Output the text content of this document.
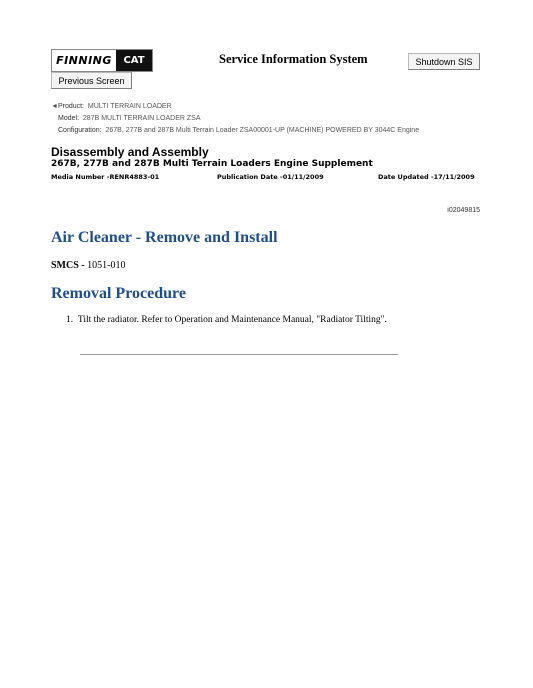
FINNING	CAT	Service Information System	Shutdown SIS
Previous Screen
◄Product: MULTI TERRAIN LOADER
Model: 287B MULTI TERRAIN LOADER ZSA
Configuration: 267B, 277B and 287B Multi Terrain Loader ZSA00001-UP (MACHINE) POWERED BY 3044C Engine
Disassembly and Assembly
267B, 277B and 287B Multi Terrain Loaders Engine Supplement
Media Number -RENR4883-01	Publication Date -01/11/2009	Date Updated -17/11/2009
i02049815
Air Cleaner - Remove and Install
SMCS - 1051-010
Removal Procedure
1. Tilt the radiator. Refer to Operation and Maintenance Manual, "Radiator Tilting".
